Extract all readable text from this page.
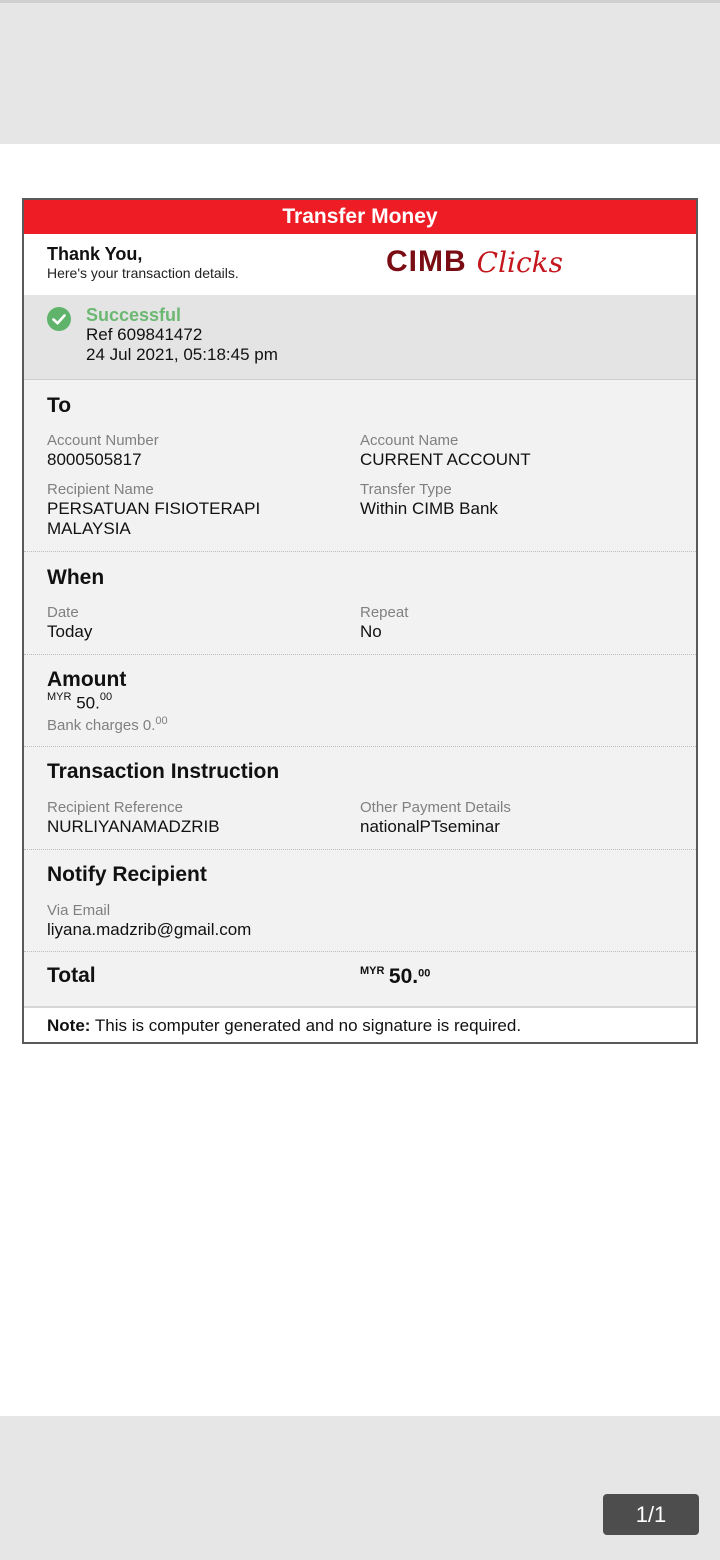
Transfer Money
Thank You,
Here's your transaction details.	CIMB Clicks
Successful
Ref 609841472
24 Jul 2021, 05:18:45 pm
To
Account Number
8000505817
Account Name
CURRENT ACCOUNT
Recipient Name
PERSATUAN FISIOTERAPI
MALAYSIA
Transfer Type
Within CIMB Bank
When
Date
Today
Repeat
No
Amount
$^{MYR}$ 50.00
Bank charges 0.00
Transaction Instruction
Recipient Reference
NURLIYANAMADZRIB
Other Payment Details
nationalPTseminar
Notify Recipient
Via Email
liyana.madzrib@gmail.com
Total	$^{MYR}$ 50.00
Note: This is computer generated and no signature is required.
1/1
